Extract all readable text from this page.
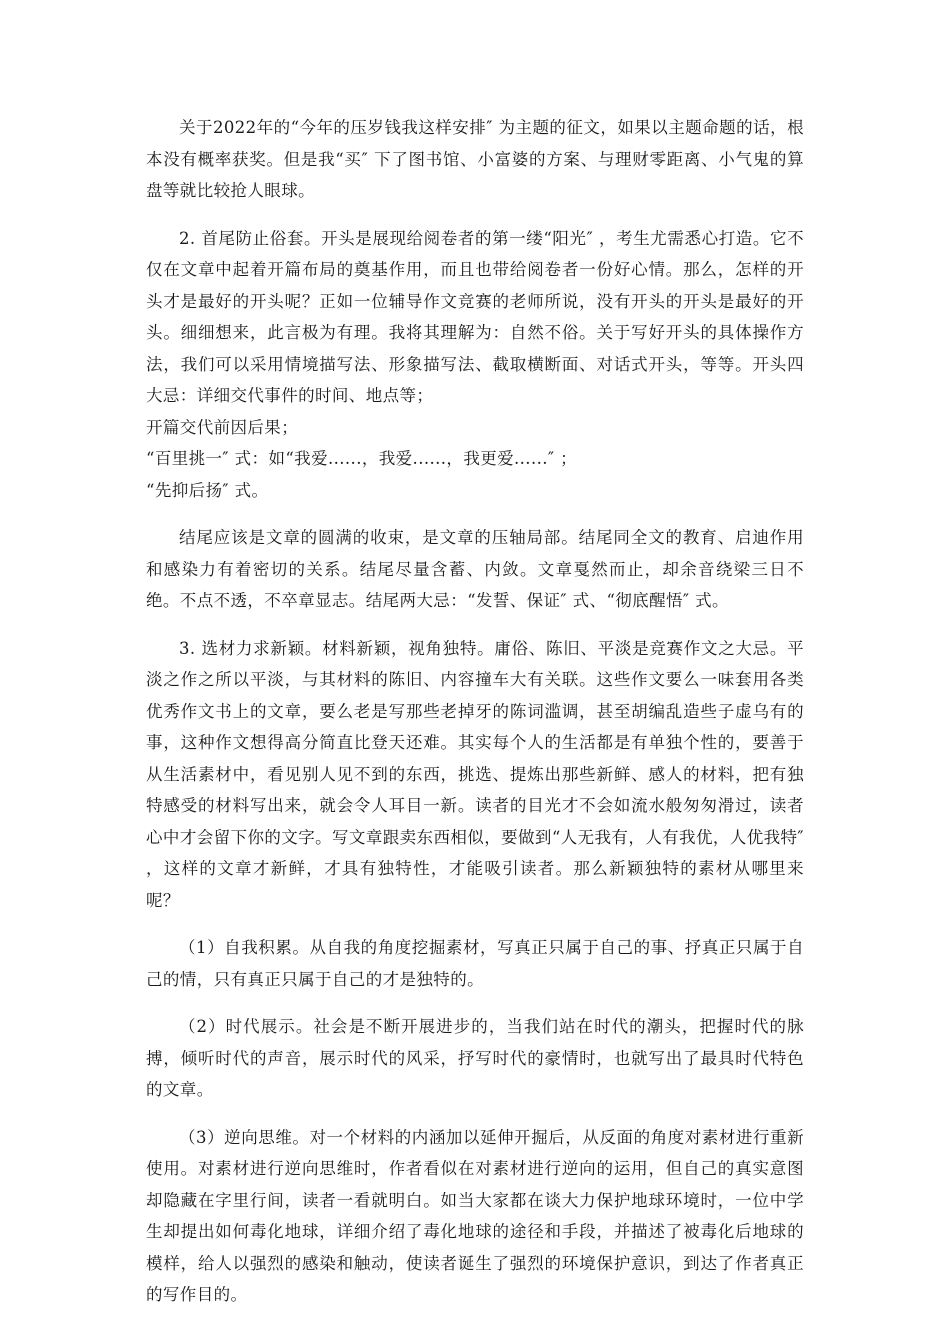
关于2022年的“今年的压岁钱我这样安排″ 为主题的征文，如果以主题命题的话，根本没有概率获奖。但是我“买″ 下了图书馆、小富婆的方案、与理财零距离、小气鬼的算盘等就比较抢人眼球。

2. 首尾防止俗套。开头是展现给阅卷者的第一缕“阳光″ ，考生尤需悉心打造。它不仅在文章中起着开篇布局的奠基作用，而且也带给阅卷者一份好心情。那么，怎样的开头才是最好的开头呢？正如一位辅导作文竞赛的老师所说，没有开头的开头是最好的开头。细细想来，此言极为有理。我将其理解为：自然不俗。关于写好开头的具体操作方法，我们可以采用情境描写法、形象描写法、截取横断面、对话式开头，等等。开头四大忌：详细交代事件的时间、地点等；

开篇交代前因后果；

“百里挑一″ 式：如“我爱......，我爱......，我更爱......″ ；

“先抑后扬″ 式。

结尾应该是文章的圆满的收束，是文章的压轴局部。结尾同全文的教育、启迪作用和感染力有着密切的关系。结尾尽量含蓄、内敛。文章戛然而止，却余音绕梁三日不绝。不点不透，不卒章显志。结尾两大忌：“发誓、保证″ 式、“彻底醒悟″ 式。

3. 选材力求新颖。材料新颖，视角独特。庸俗、陈旧、平淡是竞赛作文之大忌。平淡之作之所以平淡，与其材料的陈旧、内容撞车大有关联。这些作文要么一味套用各类优秀作文书上的文章，要么老是写那些老掉牙的陈词滥调，甚至胡编乱造些子虚乌有的事，这种作文想得高分简直比登天还难。其实每个人的生活都是有单独个性的，要善于从生活素材中，看见别人见不到的东西，挑选、提炼出那些新鲜、感人的材料，把有独特感受的材料写出来，就会令人耳目一新。读者的目光才不会如流水般匆匆滑过，读者心中才会留下你的文字。写文章跟卖东西相似，要做到“人无我有，人有我优，人优我特″ ，这样的文章才新鲜，才具有独特性，才能吸引读者。那么新颖独特的素材从哪里来呢？

（1）自我积累。从自我的角度挖掘素材，写真正只属于自己的事、抒真正只属于自己的情，只有真正只属于自己的才是独特的。

（2）时代展示。社会是不断开展进步的，当我们站在时代的潮头，把握时代的脉搏，倾听时代的声音，展示时代的风采，抒写时代的豪情时，也就写出了最具时代特色的文章。

（3）逆向思维。对一个材料的内涵加以延伸开掘后，从反面的角度对素材进行重新使用。对素材进行逆向思维时，作者看似在对素材进行逆向的运用，但自己的真实意图却隐藏在字里行间，读者一看就明白。如当大家都在谈大力保护地球环境时，一位中学生却提出如何毒化地球，详细介绍了毒化地球的途径和手段，并描述了被毒化后地球的模样，给人以强烈的感染和触动，使读者诞生了强烈的环境保护意识，到达了作者真正的写作目的。
